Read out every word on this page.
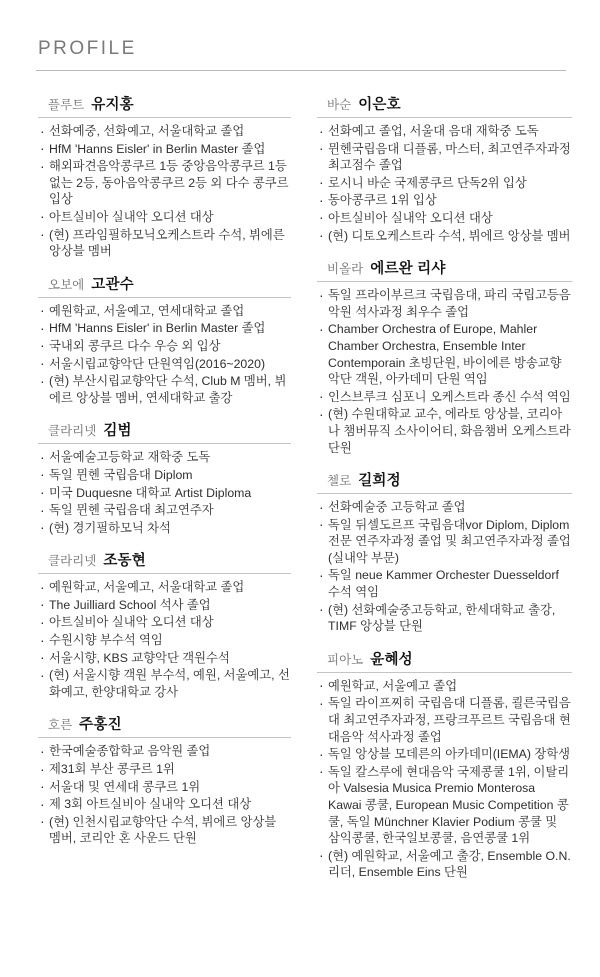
PROFILE
플루트 유지홍
· 선화예중, 선화예고, 서울대학교 졸업
· HfM 'Hanns Eisler' in Berlin Master 졸업
· 해외파견음악콩쿠르 1등 중앙음악콩쿠르 1등 없는 2등, 동아음악콩쿠르 2등 외 다수 콩쿠르 입상
· 아트실비아 실내악 오디션 대상
· (현) 프라임필하모닉오케스트라 수석, 뷔에른 앙상블 멤버
오보에 고관수
· 예원학교, 서울예고, 연세대학교 졸업
· HfM 'Hanns Eisler' in Berlin Master 졸업
· 국내외 콩쿠르 다수 우승 외 입상
· 서울시립교향악단 단원역임(2016~2020)
· (현) 부산시립교향악단 수석, Club M 멤버, 뷔에르 앙상블 멤버, 연세대학교 출강
클라리넷 김범
· 서울예술고등학교 재학중 도독
· 독일 뮌헨 국립음대 Diplom
· 미국 Duquesne 대학교 Artist Diploma
· 독일 뮌헨 국립음대 최고연주자
· (현) 경기필하모닉 차석
클라리넷 조동현
· 예원학교, 서울예고, 서울대학교 졸업
· The Juilliard School 석사 졸업
· 아트실비아 실내악 오디션 대상
· 수원시향 부수석 역임
· 서울시향, KBS 교향악단 객원수석
· (현) 서울시향 객원 부수석, 예원, 서울예고, 선화예고, 한양대학교 강사
호른 주홍진
· 한국예술종합학교 음악원 졸업
· 제31회 부산 콩쿠르 1위
· 서울대 및 연세대 콩쿠르 1위
· 제 3회 아트실비아 실내악 오디션 대상
· (현) 인천시립교향악단 수석, 뷔에르 앙상블 멤버, 코리안 혼 사운드 단원
바순 이은호
· 선화예고 졸업, 서울대 음대 재학중 도독
· 뮌헨국립음대 디플롬, 마스터, 최고연주자과정 최고점수 졸업
· 로시니 바순 국제콩쿠르 단독2위 입상
· 동아콩쿠르 1위 입상
· 아트실비아 실내악 오디션 대상
· (현) 디토오케스트라 수석, 뷔에르 앙상블 멤버
비올라 에르완 리샤
· 독일 프라이부르크 국립음대, 파리 국립고등음악원 석사과정 최우수 졸업
· Chamber Orchestra of Europe, Mahler Chamber Orchestra, Ensemble Inter Contemporain 초빙단원, 바이에른 방송교향악단 객원, 아카데미 단원 역임
· 인스브루크 심포니 오케스트라 종신 수석 역임
· (현) 수원대학교 교수, 에라토 앙상블, 코리아나 챔버뮤직 소사이어티, 화음챔버 오케스트라 단원
첼로 길희정
· 선화예술중 고등학교 졸업
· 독일 뒤셀도르프 국립음대vor Diplom, Diplom 전문 연주자과정 졸업 및 최고연주자과정 졸업 (실내악 부문)
· 독일 neue Kammer Orchester Duesseldorf 수석 역임
· (현) 선화예술중고등학교, 한세대학교 출강, TIMF 앙상블 단원
피아노 윤혜성
· 예원학교, 서울예고 졸업
· 독일 라이프찌히 국립음대 디플롬, 쾰른국립음대 최고연주자과정, 프랑크푸르트 국립음대 현대음악 석사과정 졸업
· 독일 앙상블 모데른의 아카데미(IEMA) 장학생
· 독일 칼스루에 현대음악 국제콩쿨 1위, 이탈리아 Valsesia Musica Premio Monterosa Kawai 콩쿨, European Music Competition 콩쿨, 독일 Münchner Klavier Podium 콩쿨 및 삼익콩쿨, 한국일보콩쿨, 음연콩쿨 1위
· (현) 예원학교, 서울예고 출강, Ensemble O.N. 리더, Ensemble Eins 단원
